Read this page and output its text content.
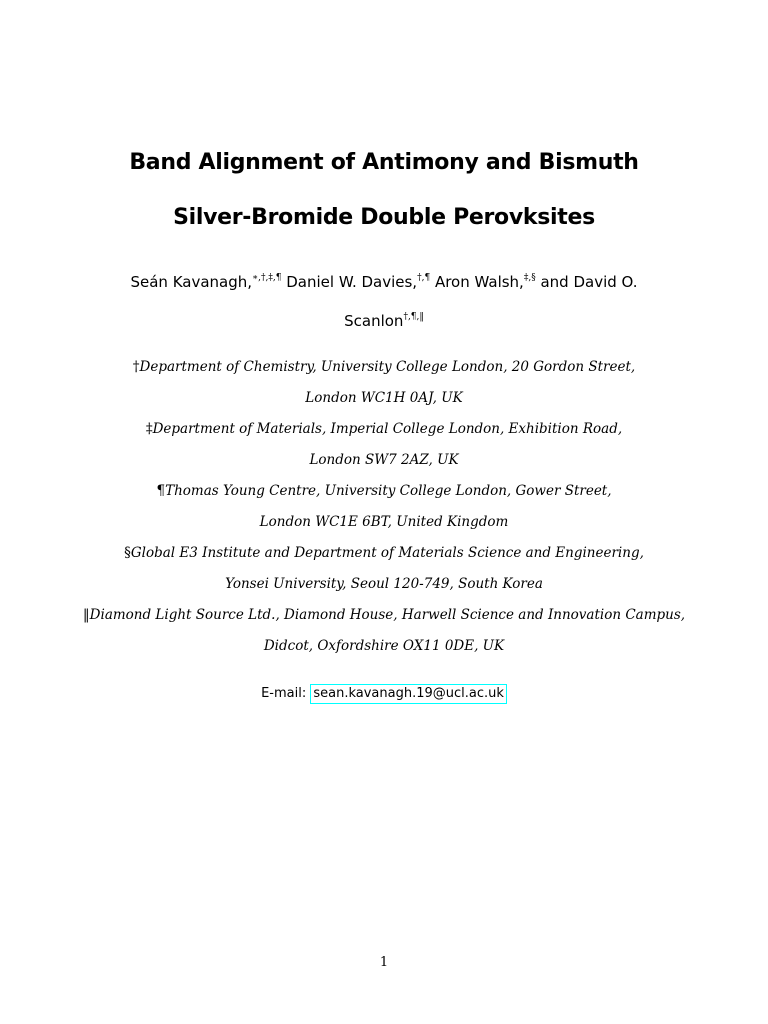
Band Alignment of Antimony and Bismuth
Silver-Bromide Double Perovksites
Seán Kavanagh,∗,†,‡,¶ Daniel W. Davies,†,¶ Aron Walsh,‡,§ and David O.
Scanlon†,¶,‖
†Department of Chemistry, University College London, 20 Gordon Street,
London WC1H 0AJ, UK
‡Department of Materials, Imperial College London, Exhibition Road,
London SW7 2AZ, UK
¶Thomas Young Centre, University College London, Gower Street,
London WC1E 6BT, United Kingdom
§Global E3 Institute and Department of Materials Science and Engineering,
Yonsei University, Seoul 120-749, South Korea
‖Diamond Light Source Ltd., Diamond House, Harwell Science and Innovation Campus,
Didcot, Oxfordshire OX11 0DE, UK
E-mail: sean.kavanagh.19@ucl.ac.uk
1
